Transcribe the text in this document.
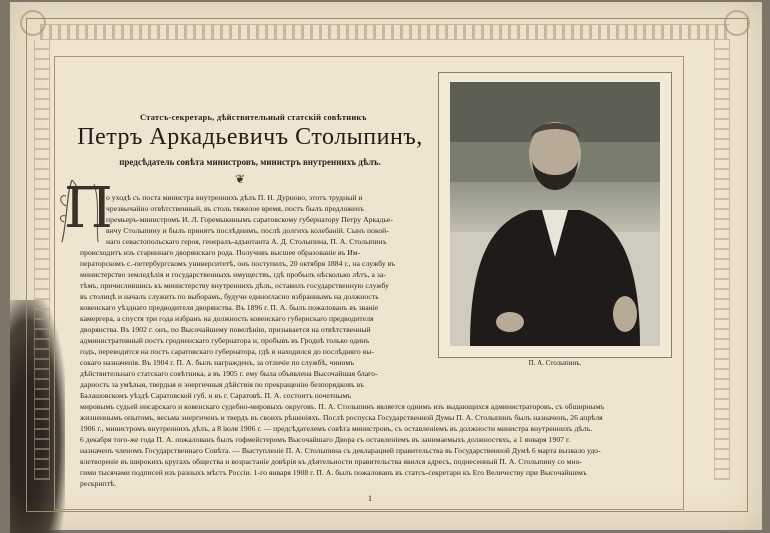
Статсъ-секретарь, дѣйствительный статскій совѣтникъ
Петръ Аркадьевичъ Столыпинъ,
предсѣдатель совѣта министровъ, министръ внутреннихъ дѣлъ.
❦
П
о уходѣ съ поста министра внутреннихъ дѣлъ П. Н. Дурново, этотъ трудный и
чрезвычайно отвѣтственный, въ столь тяжелое время, постъ былъ предложенъ
премьеръ-министромъ И. Л. Горемыкинымъ саратовскому губернатору Петру Аркадье-
вичу Столыпину и былъ принятъ послѣднимъ, послѣ долгихъ колебаній. Сынъ покой-
наго севастопольскаго героя, генералъ-адъютанта А. Д. Столыпина, П. А. Столыпинъ
происходитъ изъ стариннаго дворянскаго рода. Получивъ высшее образованіе въ Им-
ператорскомъ с.-петербургскомъ университетѣ, онъ поступилъ, 20 октября 1884 г., на службу въ
министерство земледѣлія и государственныхъ имуществъ, гдѣ пробылъ нѣсколько лѣтъ, а за-
тѣмъ, причислившись къ министерству внутреннихъ дѣлъ, оставилъ государственную службу
въ столицѣ и началъ служить по выборамъ, будучи единогласно избраннымъ на должность
ковенскаго уѣзднаго предводителя дворянства. Въ 1896 г. П. А. былъ пожалованъ въ званіе
камергера, а спустя три года избранъ на должность ковенскаго губернскаго предводителя
дворянства. Въ 1902 г. онъ, по Высочайшему повелѣнію, призывается на отвѣтственный
административный постъ гродненскаго губернатора и, пробывъ въ Гроднѣ только одинъ
годъ, переводится на постъ саратовскаго губернатора, гдѣ и находился до послѣдняго вы-
сокаго назначенія. Въ 1904 г. П. А. былъ награжденъ, за отличіе по службѣ, чиномъ
дѣйствительнаго статскаго совѣтника, а въ 1905 г. ему была объявлена Высочайшая благо-
дарность за умѣлыя, твердыя и энергичныя дѣйствія по прекращенію безпорядковъ въ
Балашовскомъ уѣздѣ Саратовской губ. и въ г. Саратовѣ. П. А. состоитъ почетнымъ
мировымъ судьей инсарскаго и ковенскаго судебно-мировыхъ округовъ. П. А. Столыпинъ является однимъ изъ выдающихся администраторовъ, съ обширнымъ
жизненнымъ опытомъ, весьма энергиченъ и твердъ въ своихъ рѣшеніяхъ. Послѣ роспуска Государственной Думы П. А. Столыпинъ былъ назначенъ, 26 апрѣля
1906 г., министромъ внутреннихъ дѣлъ, а 8 іюля 1906 г. — предсѣдателемъ совѣта министровъ, съ оставленіемъ въ должности министра внутреннихъ дѣлъ.
6 декабря того-же года П. А. пожалованъ былъ гофмейстеромъ Высочайшаго Двора съ оставленіемъ въ занимаемыхъ должностяхъ, а 1 января 1907 г.
назначенъ членомъ Государственнаго Совѣта. — Выступленіе П. А. Столыпина съ декларацией правительства въ Государственной Думѣ 6 марта вызвало удо-
влетвореніе въ широкихъ кругахъ общества и возрастаніе довѣрія къ дѣятельности правительства явился адресъ, поднесенный П. А. Столыпину со мно-
гими тысячами подписей изъ разныхъ мѣстъ Россіи. 1-го января 1908 г. П. А. былъ пожалованъ въ статсъ-секретари къ Его Величеству при Высочайшемъ
рескриптѣ.
П. А. Столыпинъ.
1
